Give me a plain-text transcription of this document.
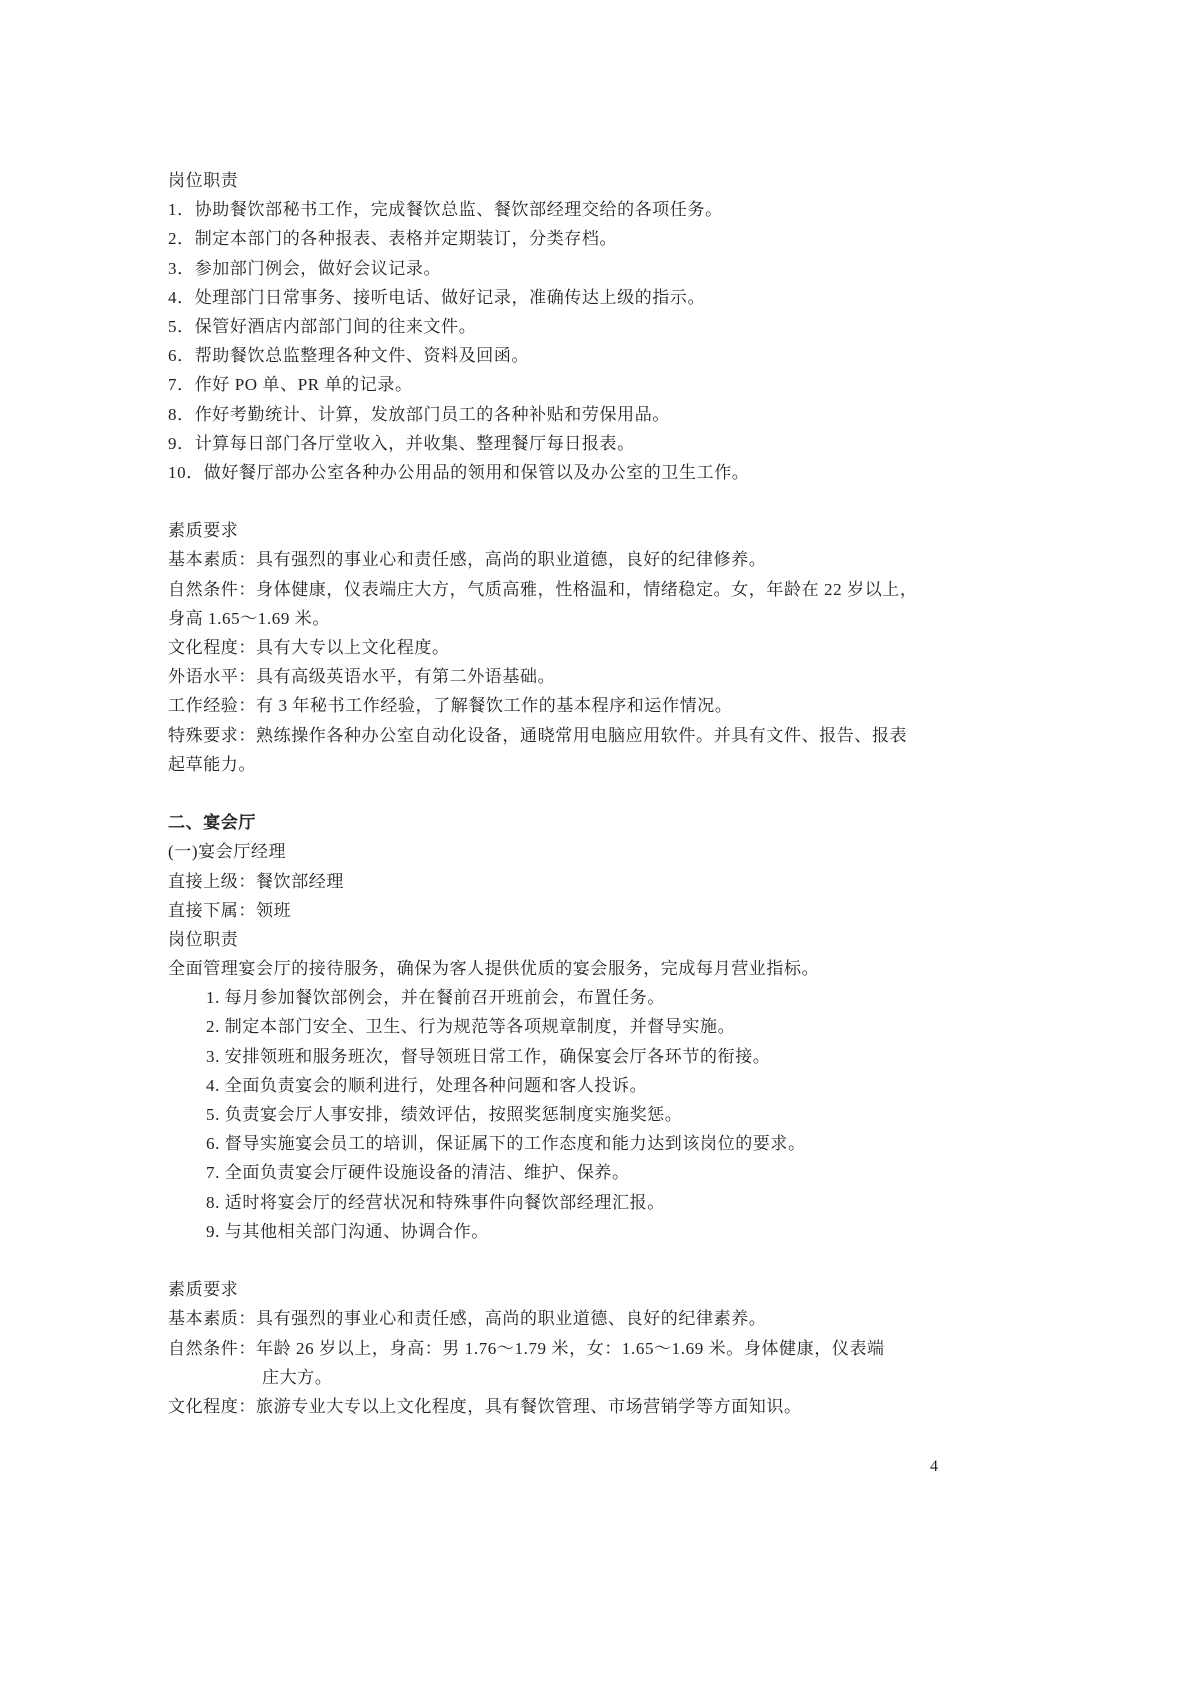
岗位职责
1．协助餐饮部秘书工作，完成餐饮总监、餐饮部经理交给的各项任务。
2．制定本部门的各种报表、表格并定期装订，分类存档。
3．参加部门例会，做好会议记录。
4．处理部门日常事务、接听电话、做好记录，准确传达上级的指示。
5．保管好酒店内部部门间的往来文件。
6．帮助餐饮总监整理各种文件、资料及回函。
7．作好 PO 单、PR 单的记录。
8．作好考勤统计、计算，发放部门员工的各种补贴和劳保用品。
9．计算每日部门各厅堂收入，并收集、整理餐厅每日报表。
10．做好餐厅部办公室各种办公用品的领用和保管以及办公室的卫生工作。
素质要求
基本素质：具有强烈的事业心和责任感，高尚的职业道德，良好的纪律修养。
自然条件：身体健康，仪表端庄大方，气质高雅，性格温和，情绪稳定。女，年龄在 22 岁以上，
身高 1.65～1.69 米。
文化程度：具有大专以上文化程度。
外语水平：具有高级英语水平，有第二外语基础。
工作经验：有 3 年秘书工作经验，了解餐饮工作的基本程序和运作情况。
特殊要求：熟练操作各种办公室自动化设备，通晓常用电脑应用软件。并具有文件、报告、报表
起草能力。
二、宴会厅
(一)宴会厅经理
直接上级：餐饮部经理
直接下属：领班
岗位职责
全面管理宴会厅的接待服务，确保为客人提供优质的宴会服务，完成每月营业指标。
1. 每月参加餐饮部例会，并在餐前召开班前会，布置任务。
2. 制定本部门安全、卫生、行为规范等各项规章制度，并督导实施。
3. 安排领班和服务班次，督导领班日常工作，确保宴会厅各环节的衔接。
4. 全面负责宴会的顺利进行，处理各种问题和客人投诉。
5. 负责宴会厅人事安排，绩效评估，按照奖惩制度实施奖惩。
6. 督导实施宴会员工的培训，保证属下的工作态度和能力达到该岗位的要求。
7. 全面负责宴会厅硬件设施设备的清洁、维护、保养。
8. 适时将宴会厅的经营状况和特殊事件向餐饮部经理汇报。
9. 与其他相关部门沟通、协调合作。
素质要求
基本素质：具有强烈的事业心和责任感，高尚的职业道德、良好的纪律素养。
自然条件：年龄 26 岁以上，身高：男 1.76～1.79 米，女：1.65～1.69 米。身体健康，仪表端
庄大方。
文化程度：旅游专业大专以上文化程度，具有餐饮管理、市场营销学等方面知识。
4
